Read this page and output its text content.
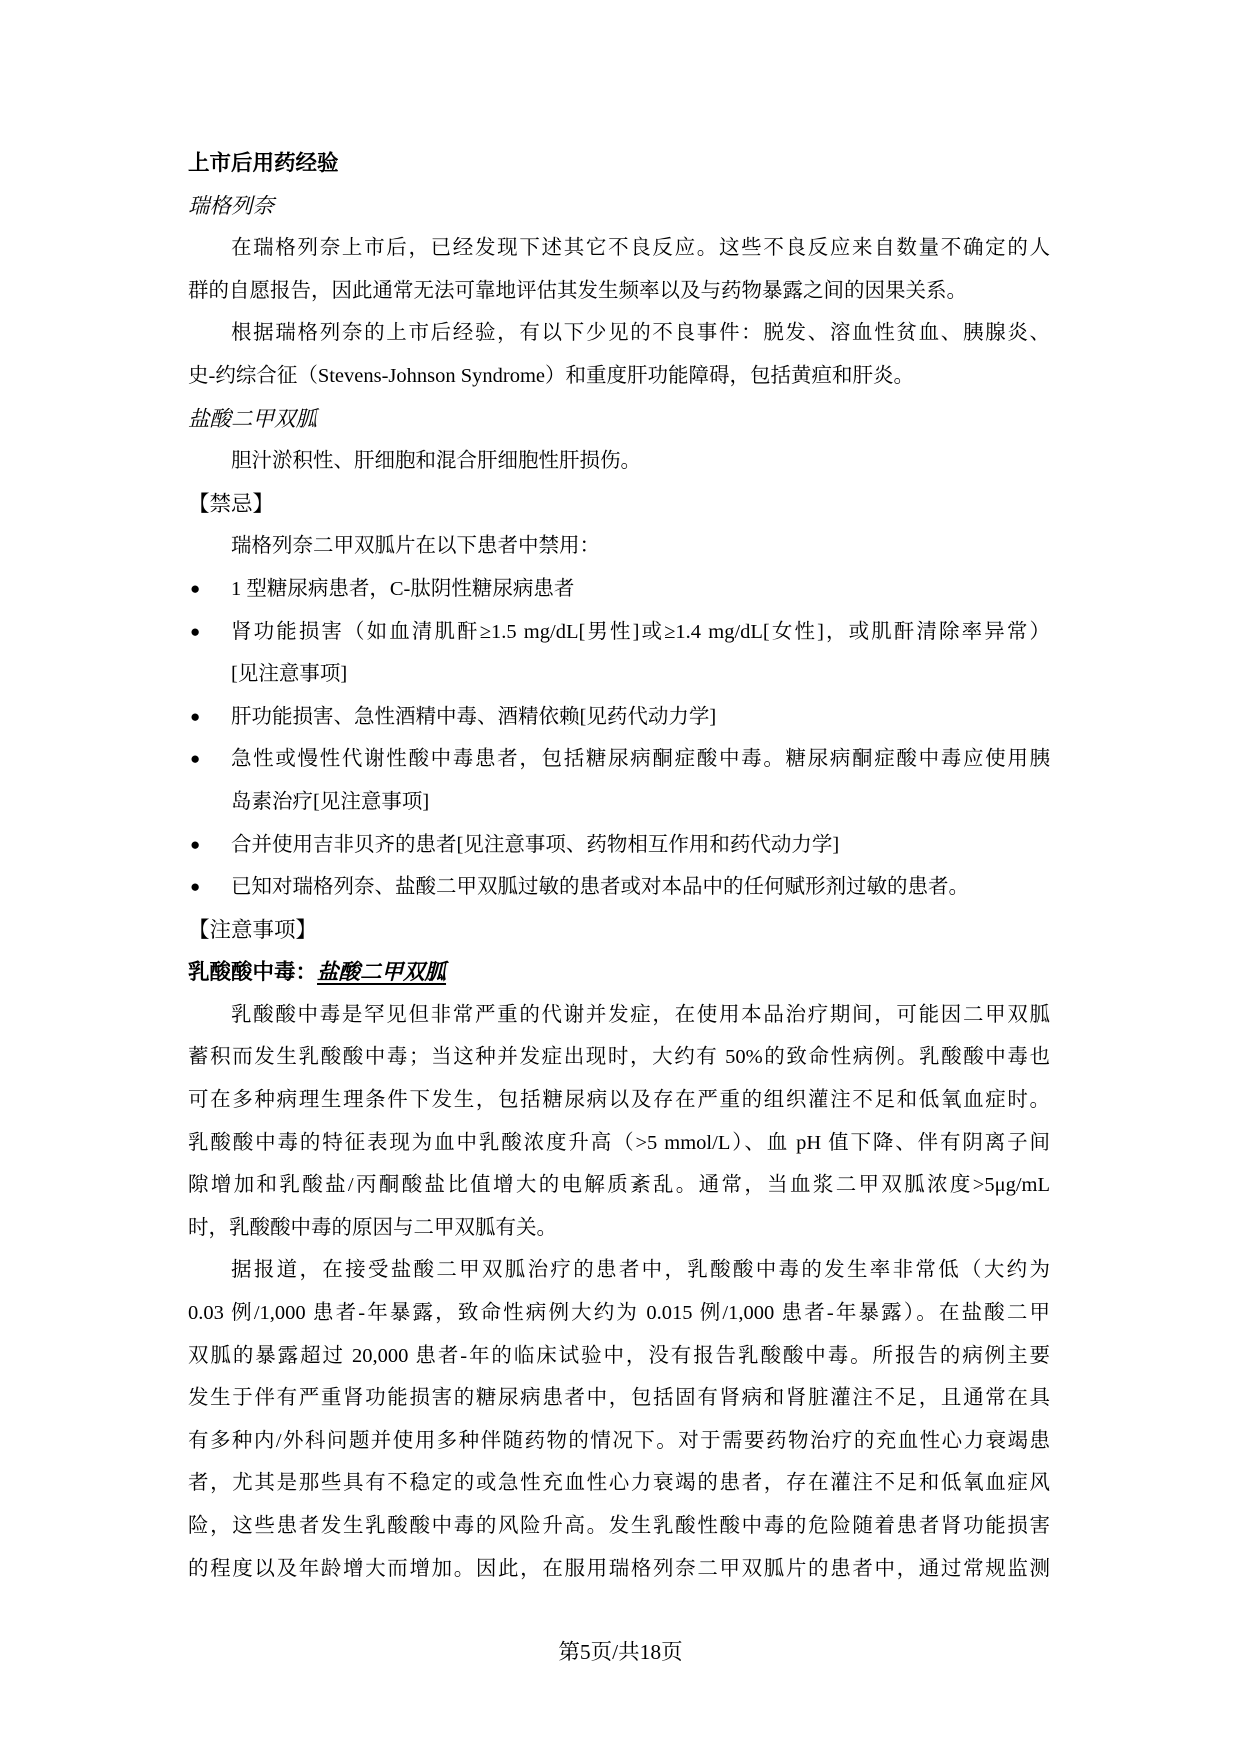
上市后用药经验
瑞格列奈
在瑞格列奈上市后，已经发现下述其它不良反应。这些不良反应来自数量不确定的人
群的自愿报告，因此通常无法可靠地评估其发生频率以及与药物暴露之间的因果关系。
根据瑞格列奈的上市后经验，有以下少见的不良事件：脱发、溶血性贫血、胰腺炎、
史-约综合征（Stevens-Johnson Syndrome）和重度肝功能障碍，包括黄疸和肝炎。
盐酸二甲双胍
胆汁淤积性、肝细胞和混合肝细胞性肝损伤。
【禁忌】
瑞格列奈二甲双胍片在以下患者中禁用：
● 1 型糖尿病患者，C-肽阴性糖尿病患者
● 肾功能损害（如血清肌酐≥1.5 mg/dL[男性]或≥1.4 mg/dL[女性]，或肌酐清除率异常）
[见注意事项]
● 肝功能损害、急性酒精中毒、酒精依赖[见药代动力学]
● 急性或慢性代谢性酸中毒患者，包括糖尿病酮症酸中毒。糖尿病酮症酸中毒应使用胰
岛素治疗[见注意事项]
● 合并使用吉非贝齐的患者[见注意事项、药物相互作用和药代动力学]
● 已知对瑞格列奈、盐酸二甲双胍过敏的患者或对本品中的任何赋形剂过敏的患者。
【注意事项】
乳酸酸中毒：盐酸二甲双胍
乳酸酸中毒是罕见但非常严重的代谢并发症，在使用本品治疗期间，可能因二甲双胍
蓄积而发生乳酸酸中毒；当这种并发症出现时，大约有 50%的致命性病例。乳酸酸中毒也
可在多种病理生理条件下发生，包括糖尿病以及存在严重的组织灌注不足和低氧血症时。
乳酸酸中毒的特征表现为血中乳酸浓度升高（>5 mmol/L）、血 pH 值下降、伴有阴离子间
隙增加和乳酸盐/丙酮酸盐比值增大的电解质紊乱。通常，当血浆二甲双胍浓度>5μg/mL
时，乳酸酸中毒的原因与二甲双胍有关。
据报道，在接受盐酸二甲双胍治疗的患者中，乳酸酸中毒的发生率非常低（大约为
0.03 例/1,000 患者-年暴露，致命性病例大约为 0.015 例/1,000 患者-年暴露）。在盐酸二甲
双胍的暴露超过 20,000 患者-年的临床试验中，没有报告乳酸酸中毒。所报告的病例主要
发生于伴有严重肾功能损害的糖尿病患者中，包括固有肾病和肾脏灌注不足，且通常在具
有多种内/外科问题并使用多种伴随药物的情况下。对于需要药物治疗的充血性心力衰竭患
者，尤其是那些具有不稳定的或急性充血性心力衰竭的患者，存在灌注不足和低氧血症风
险，这些患者发生乳酸酸中毒的风险升高。发生乳酸性酸中毒的危险随着患者肾功能损害
的程度以及年龄增大而增加。因此，在服用瑞格列奈二甲双胍片的患者中，通过常规监测
第5页/共18页
